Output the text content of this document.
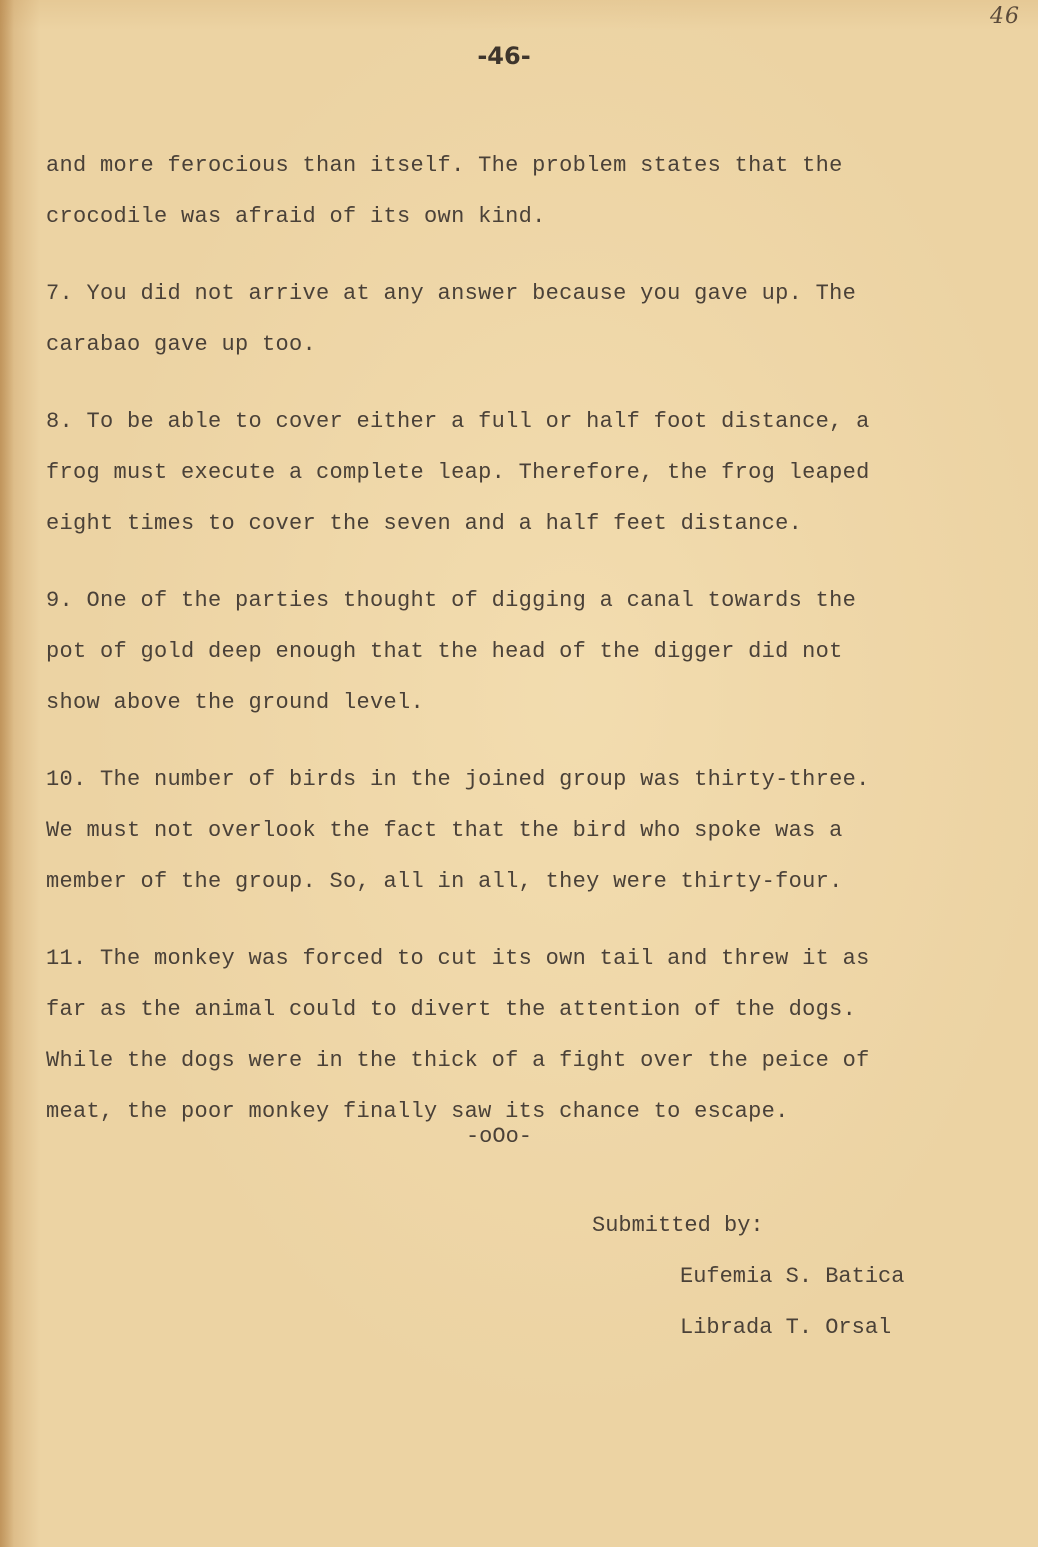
46
-46-
and more ferocious than itself. The problem states that the
crocodile was afraid of its own kind.
7. You did not arrive at any answer because you gave up. The
carabao gave up too.
8. To be able to cover either a full or half foot distance, a
frog must execute a complete leap. Therefore, the frog leaped
eight times to cover the seven and a half feet distance.
9. One of the parties thought of digging a canal towards the
pot of gold deep enough that the head of the digger did not
show above the ground level.
10. The number of birds in the joined group was thirty-three.
We must not overlook the fact that the bird who spoke was a
member of the group. So, all in all, they were thirty-four.
11. The monkey was forced to cut its own tail and threw it as
far as the animal could to divert the attention of the dogs.
While the dogs were in the thick of a fight over the peice of
meat, the poor monkey finally saw its chance to escape.
-oOo-
Submitted by:
Eufemia S. Batica
Librada T. Orsal
